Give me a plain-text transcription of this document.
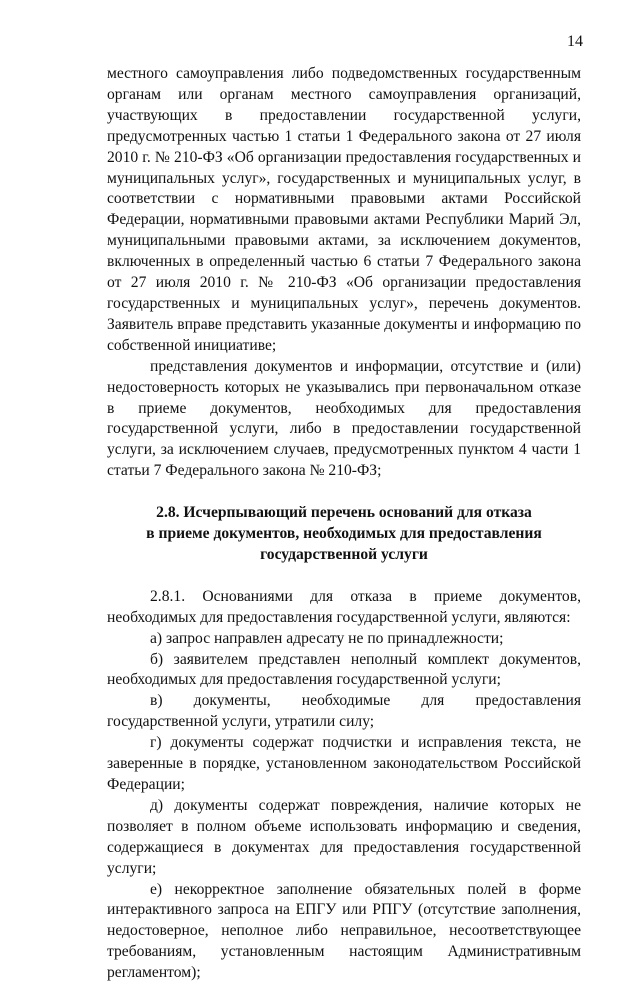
14

местного самоуправления либо подведомственных государственным органам или органам местного самоуправления организаций, участвующих в предоставлении государственной услуги, предусмотренных частью 1 статьи 1 Федерального закона от 27 июля 2010 г. № 210-ФЗ «Об организации предоставления государственных и муниципальных услуг», государственных и муниципальных услуг, в соответствии с нормативными правовыми актами Российской Федерации, нормативными правовыми актами Республики Марий Эл, муниципальными правовыми актами, за исключением документов, включенных в определенный частью 6 статьи 7 Федерального закона от 27 июля 2010 г. № 210-ФЗ «Об организации предоставления государственных и муниципальных услуг», перечень документов. Заявитель вправе представить указанные документы и информацию по собственной инициативе;

представления документов и информации, отсутствие и (или) недостоверность которых не указывались при первоначальном отказе в приеме документов, необходимых для предоставления государственной услуги, либо в предоставлении государственной услуги, за исключением случаев, предусмотренных пунктом 4 части 1 статьи 7 Федерального закона № 210-ФЗ;

2.8. Исчерпывающий перечень оснований для отказа
в приеме документов, необходимых для предоставления
государственной услуги

2.8.1. Основаниями для отказа в приеме документов, необходимых для предоставления государственной услуги, являются:

а) запрос направлен адресату не по принадлежности;

б) заявителем представлен неполный комплект документов, необходимых для предоставления государственной услуги;

в) документы, необходимые для предоставления государственной услуги, утратили силу;

г) документы содержат подчистки и исправления текста, не заверенные в порядке, установленном законодательством Российской Федерации;

д) документы содержат повреждения, наличие которых не позволяет в полном объеме использовать информацию и сведения, содержащиеся в документах для предоставления государственной услуги;

е) некорректное заполнение обязательных полей в форме интерактивного запроса на ЕПГУ или РПГУ (отсутствие заполнения, недостоверное, неполное либо неправильное, несоответствующее требованиям, установленным настоящим Административным регламентом);
